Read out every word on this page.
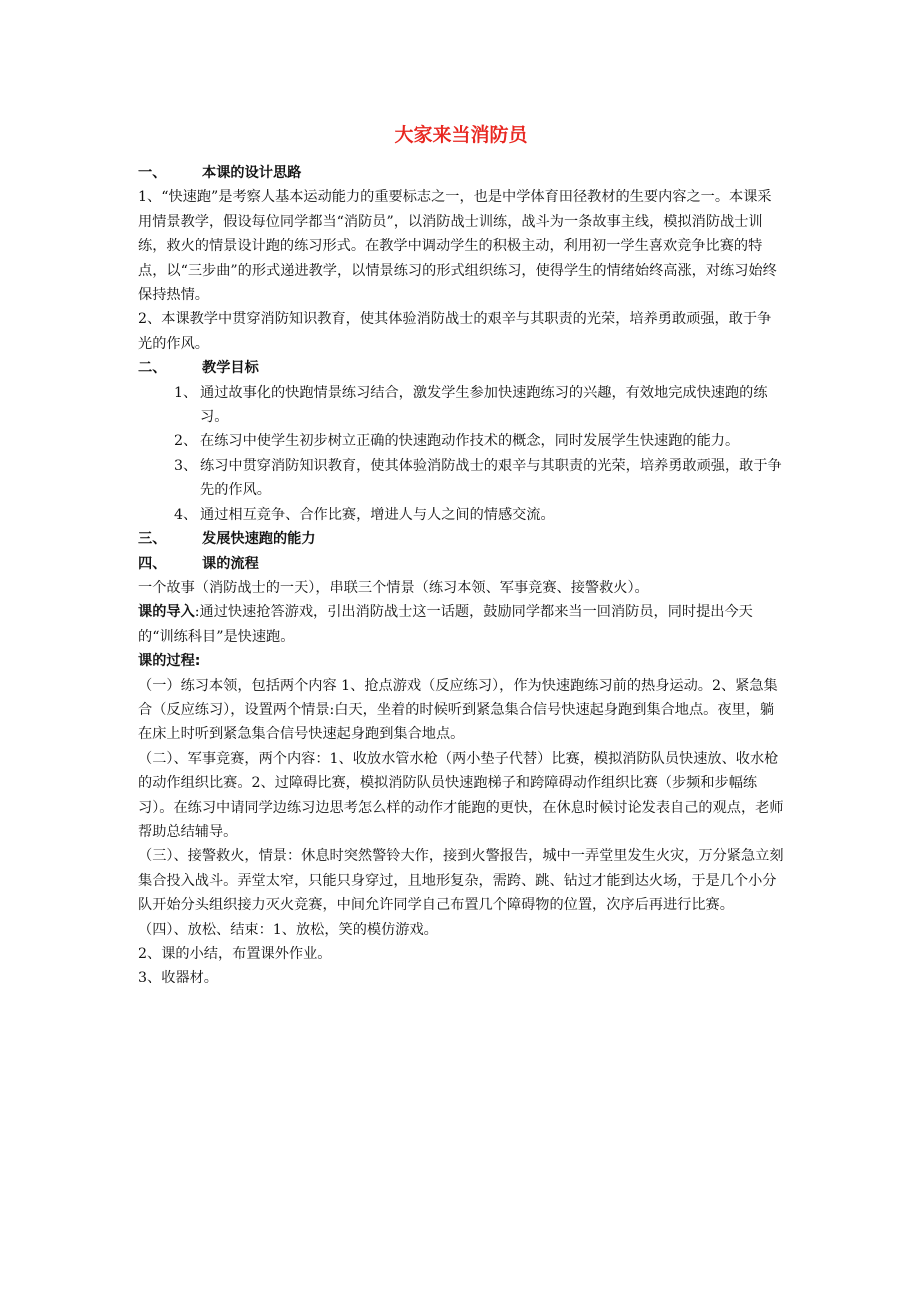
大家来当消防员

一、	本课的设计思路

1、“快速跑”是考察人基本运动能力的重要标志之一，也是中学体育田径教材的生要内容之一。本课采用情景教学，假设每位同学都当“消防员”，以消防战士训练，战斗为一条故事主线，模拟消防战士训练，救火的情景设计跑的练习形式。在教学中调动学生的积极主动，利用初一学生喜欢竞争比赛的特点，以“三步曲”的形式递进教学，以情景练习的形式组织练习，使得学生的情绪始终高涨，对练习始终保持热情。

2、本课教学中贯穿消防知识教育，使其体验消防战士的艰辛与其职责的光荣，培养勇敢顽强，敢于争光的作风。

二、	教学目标

1、 通过故事化的快跑情景练习结合，激发学生参加快速跑练习的兴趣，有效地完成快速跑的练习。
2、 在练习中使学生初步树立正确的快速跑动作技术的概念，同时发展学生快速跑的能力。
3、 练习中贯穿消防知识教育，使其体验消防战士的艰辛与其职责的光荣，培养勇敢顽强，敢于争先的作风。
4、 通过相互竞争、合作比赛，增进人与人之间的情感交流。

三、	发展快速跑的能力

四、	课的流程

一个故事（消防战士的一天），串联三个情景（练习本领、军事竞赛、接警救火）。

课的导入:通过快速抢答游戏，引出消防战士这一话题，鼓励同学都来当一回消防员，同时提出今天的“训练科目”是快速跑。

课的过程:

（一）练习本领，包括两个内容 1、抢点游戏（反应练习），作为快速跑练习前的热身运动。2、紧急集合（反应练习），设置两个情景:白天，坐着的时候听到紧急集合信号快速起身跑到集合地点。夜里，躺在床上时听到紧急集合信号快速起身跑到集合地点。

（二）、军事竞赛，两个内容：1、收放水管水枪（两小垫子代替）比赛，模拟消防队员快速放、收水枪的动作组织比赛。2、过障碍比赛，模拟消防队员快速跑梯子和跨障碍动作组织比赛（步频和步幅练习）。在练习中请同学边练习边思考怎么样的动作才能跑的更快，在休息时候讨论发表自己的观点，老师帮助总结辅导。

（三）、接警救火，情景：休息时突然警铃大作，接到火警报告，城中一弄堂里发生火灾，万分紧急立刻集合投入战斗。弄堂太窄，只能只身穿过，且地形复杂，需跨、跳、钻过才能到达火场，于是几个小分队开始分头组织接力灭火竞赛，中间允许同学自己布置几个障碍物的位置，次序后再进行比赛。

（四）、放松、结束：1、放松，笑的模仿游戏。

2、课的小结，布置课外作业。

3、收器材。
